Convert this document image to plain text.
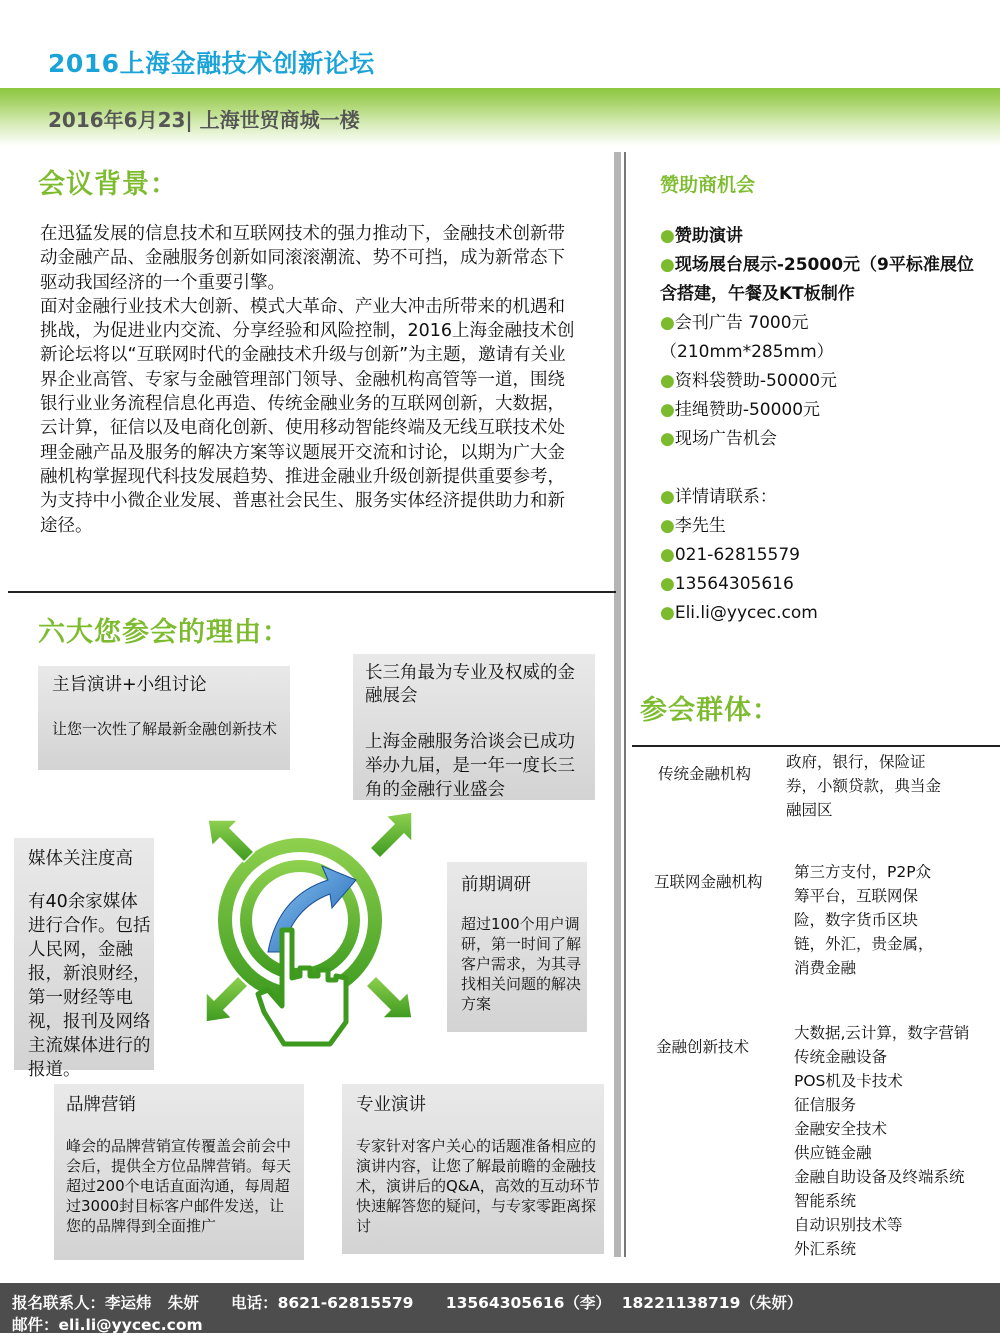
2016上海金融技术创新论坛
2016年6月23| 上海世贸商城一楼
会议背景：

在迅猛发展的信息技术和互联网技术的强力推动下，金融技术创新带动金融产品、金融服务创新如同滚滚潮流、势不可挡，成为新常态下驱动我国经济的一个重要引擎。

面对金融行业技术大创新、模式大革命、产业大冲击所带来的机遇和挑战，为促进业内交流、分享经验和风险控制，2016上海金融技术创新论坛将以“互联网时代的金融技术升级与创新”为主题，邀请有关业界企业高管、专家与金融管理部门领导、金融机构高管等一道，围绕银行业业务流程信息化再造、传统金融业务的互联网创新，大数据，云计算，征信以及电商化创新、使用移动智能终端及无线互联技术处理金融产品及服务的解决方案等议题展开交流和讨论，以期为广大金融机构掌握现代科技发展趋势、推进金融业升级创新提供重要参考，为支持中小微企业发展、普惠社会民生、服务实体经济提供助力和新途径。

六大您参会的理由：
主旨演讲+小组讨论
让您一次性了解最新金融创新技术
长三角最为专业及权威的金融展会
上海金融服务洽谈会已成功举办九届，是一年一度长三角的金融行业盛会
媒体关注度高
有40余家媒体进行合作。包括人民网，金融报，新浪财经，第一财经等电视，报刊及网络主流媒体进行的报道。
前期调研
超过100个用户调研，第一时间了解客户需求，为其寻找相关问题的解决方案
品牌营销
峰会的品牌营销宣传覆盖会前会中会后，提供全方位品牌营销。每天超过200个电话直面沟通，每周超过3000封目标客户邮件发送，让您的品牌得到全面推广
专业演讲
专家针对客户关心的话题准备相应的演讲内容，让您了解最前瞻的金融技术，演讲后的Q&A，高效的互动环节快速解答您的疑问，与专家零距离探讨
赞助商机会
●赞助演讲
●现场展台展示-25000元（9平标准展位含搭建，午餐及KT板制作
●会刊广告 7000元
（210mm*285mm）
●资料袋赞助-50000元
●挂绳赞助-50000元
●现场广告机会
●详情请联系：
●李先生
●021-62815579
●13564305616
●Eli.li@yycec.com
参会群体：
传统金融机构
政府，银行，保险证券，小额贷款，典当金融园区
互联网金融机构
第三方支付，P2P众筹平台，互联网保险，数字货币区块链，外汇，贵金属，消费金融
金融创新技术
大数据,云计算，数字营销
传统金融设备
POS机及卡技术
征信服务
金融安全技术
供应链金融
金融自助设备及终端系统
智能系统
自动识别技术等
外汇系统
报名联系人：李运炜   朱妍      电话：8621-62815579      13564305616（李）  18221138719（朱妍）
邮件：eli.li@yycec.com
